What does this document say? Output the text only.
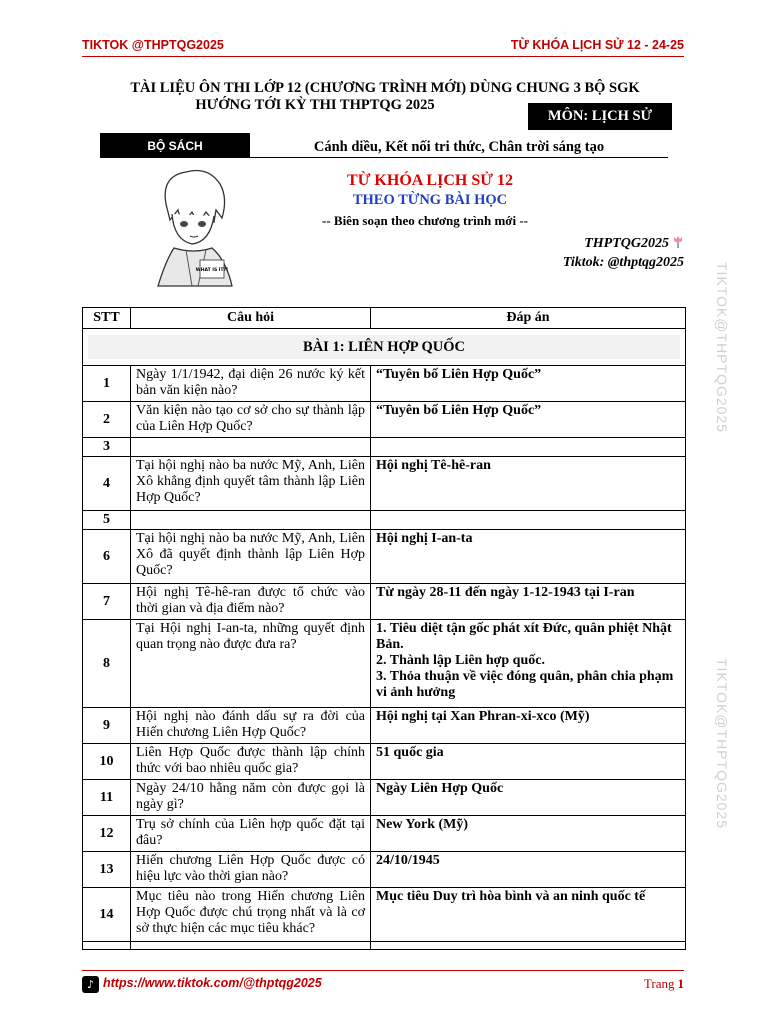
TIKTOK @THPTQG2025	TỪ KHÓA LỊCH SỬ 12 - 24-25
TÀI LIỆU ÔN THI LỚP 12 (CHƯƠNG TRÌNH MỚI) DÙNG CHUNG 3 BỘ SGK
HƯỚNG TỚI KỲ THI THPTQG 2025
MÔN: LỊCH SỬ
BỘ SÁCH	Cánh diều, Kết nối tri thức, Chân trời sáng tạo
WHAT IS IT?!
TỪ KHÓA LỊCH SỬ 12
THEO TỪNG BÀI HỌC
-- Biên soạn theo chương trình mới --
THPTQG2025
Tiktok: @thptqg2025	TIKTOK@THPTQG2025
TIKTOK@THPTQG2025
STT	Câu hỏi	Đáp án

BÀI 1: LIÊN HỢP QUỐC		

1	Ngày 1/1/1942, đại diện 26 nước ký kết bản văn kiện nào?	“Tuyên bố Liên Hợp Quốc”
2	Văn kiện nào tạo cơ sở cho sự thành lập của Liên Hợp Quốc?	“Tuyên bố Liên Hợp Quốc”
3		
4	Tại hội nghị nào ba nước Mỹ, Anh, Liên Xô khẳng định quyết tâm thành lập Liên Hợp Quốc?	Hội nghị Tê-hê-ran
5		
6	Tại hội nghị nào ba nước Mỹ, Anh, Liên Xô đã quyết định thành lập Liên Hợp Quốc?	Hội nghị I-an-ta
7	Hội nghị Tê-hê-ran được tổ chức vào thời gian và địa điểm nào?	Từ ngày 28-11 đến ngày 1-12-1943 tại I-ran
8	Tại Hội nghị I-an-ta, những quyết định quan trọng nào được đưa ra?	1. Tiêu diệt tận gốc phát xít Đức, quân phiệt Nhật Bản.
2. Thành lập Liên hợp quốc.
3. Thỏa thuận về việc đóng quân, phân chia phạm vi ảnh hưởng

9	Hội nghị nào đánh dấu sự ra đời của Hiến chương Liên Hợp Quốc?	Hội nghị tại Xan Phran-xi-xco (Mỹ)
10	Liên Hợp Quốc được thành lập chính thức với bao nhiêu quốc gia?	51 quốc gia
11	Ngày 24/10 hằng năm còn được gọi là ngày gì?	Ngày Liên Hợp Quốc
12	Trụ sở chính của Liên hợp quốc đặt tại đâu?	New York (Mỹ)
13	Hiến chương Liên Hợp Quốc được có hiệu lực vào thời gian nào?	24/10/1945
14	Mục tiêu nào trong Hiến chương Liên Hợp Quốc được chú trọng nhất và là cơ sở thực hiện các mục tiêu khác?	Mục tiêu Duy trì hòa bình và an ninh quốc tế

♪ https://www.tiktok.com/@thptqg2025	Trang 1
